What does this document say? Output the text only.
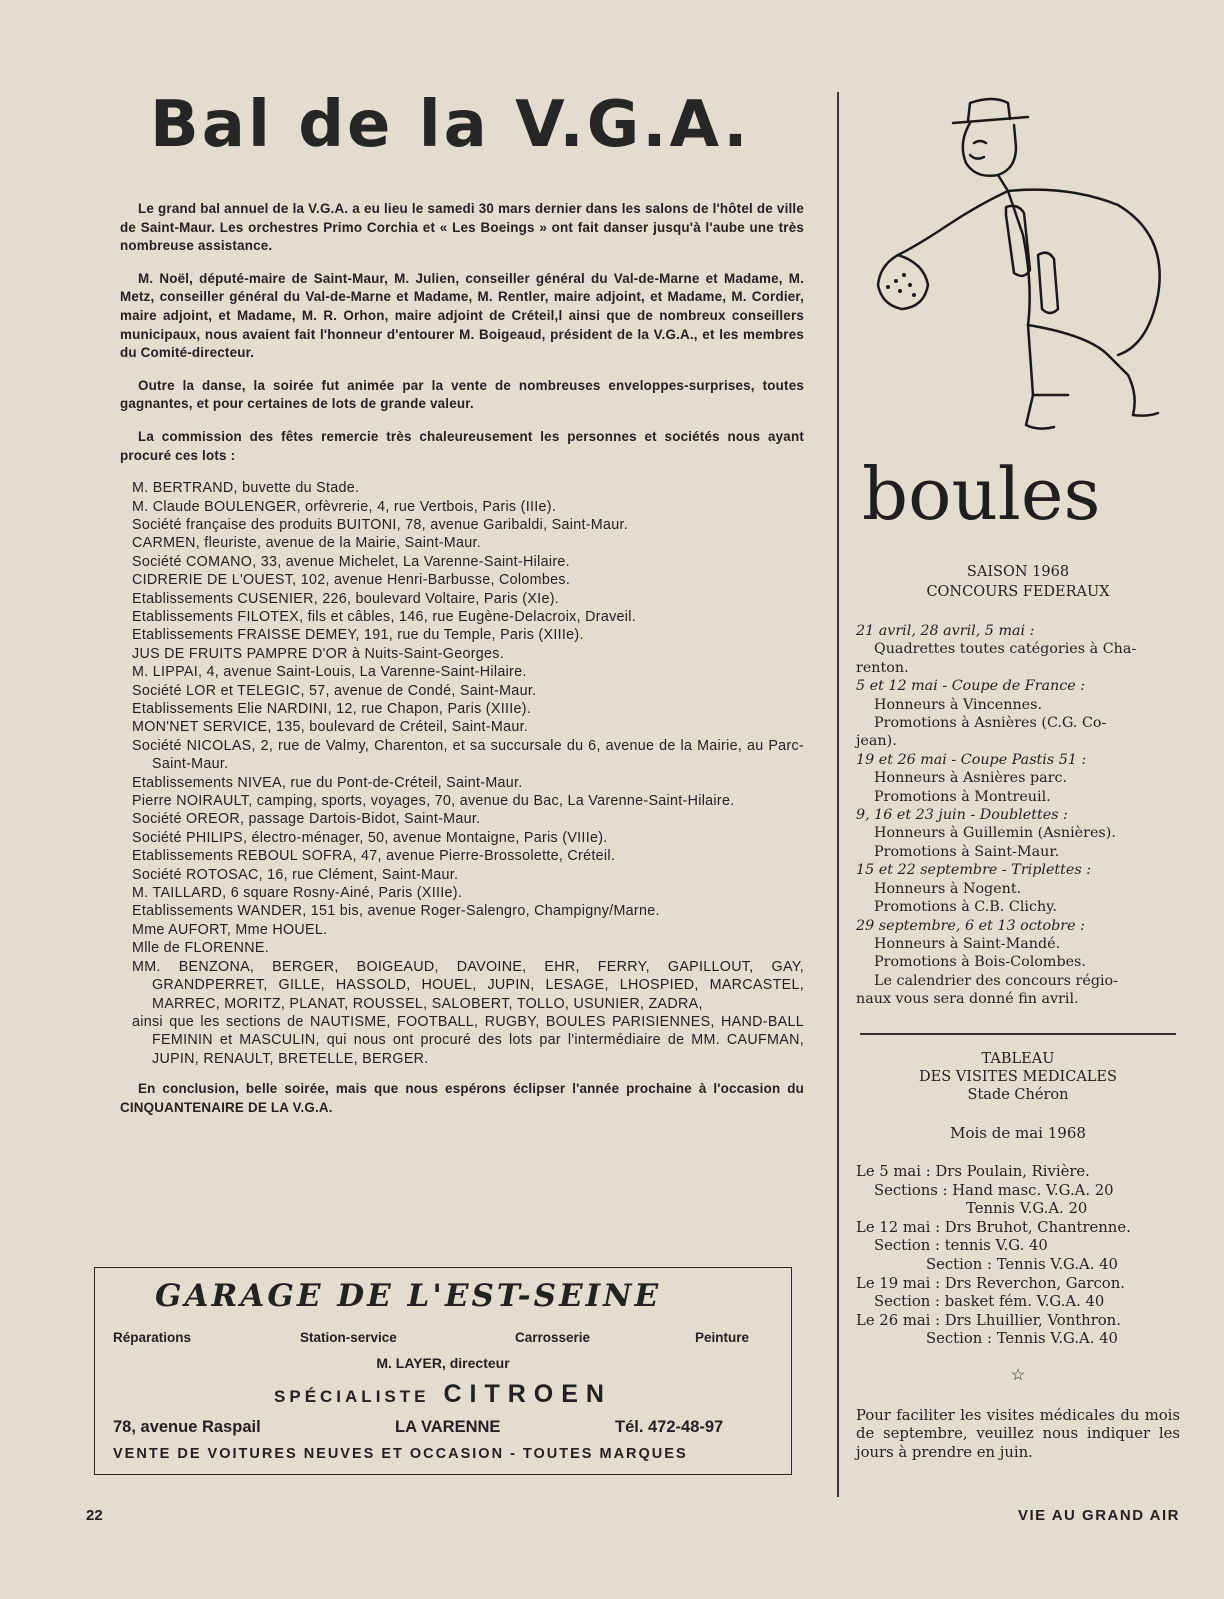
Bal de la V.G.A.

Le grand bal annuel de la V.G.A. a eu lieu le samedi 30 mars dernier dans les salons de l'hôtel de ville de Saint-Maur. Les orchestres Primo Corchia et « Les Boeings » ont fait danser jusqu'à l'aube une très nombreuse assistance.

M. Noël, député-maire de Saint-Maur, M. Julien, conseiller général du Val-de-Marne et Madame, M. Metz, conseiller général du Val-de-Marne et Madame, M. Rentler, maire adjoint, et Madame, M. Cordier, maire adjoint, et Madame, M. R. Orhon, maire adjoint de Créteil,l ainsi que de nombreux conseillers municipaux, nous avaient fait l'honneur d'entourer M. Boigeaud, président de la V.G.A., et les membres du Comité-directeur.

Outre la danse, la soirée fut animée par la vente de nombreuses enveloppes-surprises, toutes gagnantes, et pour certaines de lots de grande valeur.

La commission des fêtes remercie très chaleureusement les personnes et sociétés nous ayant procuré ces lots :

M. BERTRAND, buvette du Stade.
M. Claude BOULENGER, orfèvrerie, 4, rue Vertbois, Paris (IIIe).
Société française des produits BUITONI, 78, avenue Garibaldi, Saint-Maur.
CARMEN, fleuriste, avenue de la Mairie, Saint-Maur.
Société COMANO, 33, avenue Michelet, La Varenne-Saint-Hilaire.
CIDRERIE DE L'OUEST, 102, avenue Henri-Barbusse, Colombes.
Etablissements CUSENIER, 226, boulevard Voltaire, Paris (XIe).
Etablissements FILOTEX, fils et câbles, 146, rue Eugène-Delacroix, Draveil.
Etablissements FRAISSE DEMEY, 191, rue du Temple, Paris (XIIIe).
JUS DE FRUITS PAMPRE D'OR à Nuits-Saint-Georges.
M. LIPPAI, 4, avenue Saint-Louis, La Varenne-Saint-Hilaire.
Société LOR et TELEGIC, 57, avenue de Condé, Saint-Maur.
Etablissements Elie NARDINI, 12, rue Chapon, Paris (XIIIe).
MON'NET SERVICE, 135, boulevard de Créteil, Saint-Maur.
Société NICOLAS, 2, rue de Valmy, Charenton, et sa succursale du 6, avenue de la Mairie, au Parc-Saint-Maur.
Etablissements NIVEA, rue du Pont-de-Créteil, Saint-Maur.
Pierre NOIRAULT, camping, sports, voyages, 70, avenue du Bac, La Varenne-Saint-Hilaire.
Société OREOR, passage Dartois-Bidot, Saint-Maur.
Société PHILIPS, électro-ménager, 50, avenue Montaigne, Paris (VIIIe).
Etablissements REBOUL SOFRA, 47, avenue Pierre-Brossolette, Créteil.
Société ROTOSAC, 16, rue Clément, Saint-Maur.
M. TAILLARD, 6 square Rosny-Ainé, Paris (XIIIe).
Etablissements WANDER, 151 bis, avenue Roger-Salengro, Champigny/Marne.
Mme AUFORT, Mme HOUEL.
Mlle de FLORENNE.
MM. BENZONA, BERGER, BOIGEAUD, DAVOINE, EHR, FERRY, GAPILLOUT, GAY, GRANDPERRET, GILLE, HASSOLD, HOUEL, JUPIN, LESAGE, LHOSPIED, MARCASTEL, MARREC, MORITZ, PLANAT, ROUSSEL, SALOBERT, TOLLO, USUNIER, ZADRA,
ainsi que les sections de NAUTISME, FOOTBALL, RUGBY, BOULES PARISIENNES, HAND-BALL FEMININ et MASCULIN, qui nous ont procuré des lots par l'intermédiaire de MM. CAUFMAN, JUPIN, RENAULT, BRETELLE, BERGER.

En conclusion, belle soirée, mais que nous espérons éclipser l'année prochaine à l'occasion du CINQUANTENAIRE DE LA V.G.A.

GARAGE DE L'EST-SEINE
Réparations	Station-service	Carrosserie	Peinture
M. LAYER, directeur
SPÉCIALISTE CITROEN
78, avenue Raspail	LA VARENNE	Tél. 472-48-97
VENTE DE VOITURES NEUVES ET OCCASION - TOUTES MARQUES
boules
SAISON 1968
CONCOURS FEDERAUX
21 avril, 28 avril, 5 mai :
Quadrettes toutes catégories à Cha-
renton.
5 et 12 mai - Coupe de France :
Honneurs à Vincennes.
Promotions à Asnières (C.G. Co-
jean).
19 et 26 mai - Coupe Pastis 51 :
Honneurs à Asnières parc.
Promotions à Montreuil.
9, 16 et 23 juin - Doublettes :
Honneurs à Guillemin (Asnières).
Promotions à Saint-Maur.
15 et 22 septembre - Triplettes :
Honneurs à Nogent.
Promotions à C.B. Clichy.
29 septembre, 6 et 13 octobre :
Honneurs à Saint-Mandé.
Promotions à Bois-Colombes.
Le calendrier des concours régio-
naux vous sera donné fin avril.
TABLEAU
DES VISITES MEDICALES
Stade Chéron
Mois de mai 1968
Le 5 mai : Drs Poulain, Rivière.
Sections : Hand masc. V.G.A. 20
Tennis V.G.A. 20
Le 12 mai : Drs Bruhot, Chantrenne.
Section : tennis V.G. 40
Section : Tennis V.G.A. 40
Le 19 mai : Drs Reverchon, Garcon.
Section : basket fém. V.G.A. 40
Le 26 mai : Drs Lhuillier, Vonthron.
Section : Tennis V.G.A. 40
☆
Pour faciliter les visites médicales du mois de septembre, veuillez nous indiquer les jours à prendre en juin.
22	VIE AU GRAND AIR
